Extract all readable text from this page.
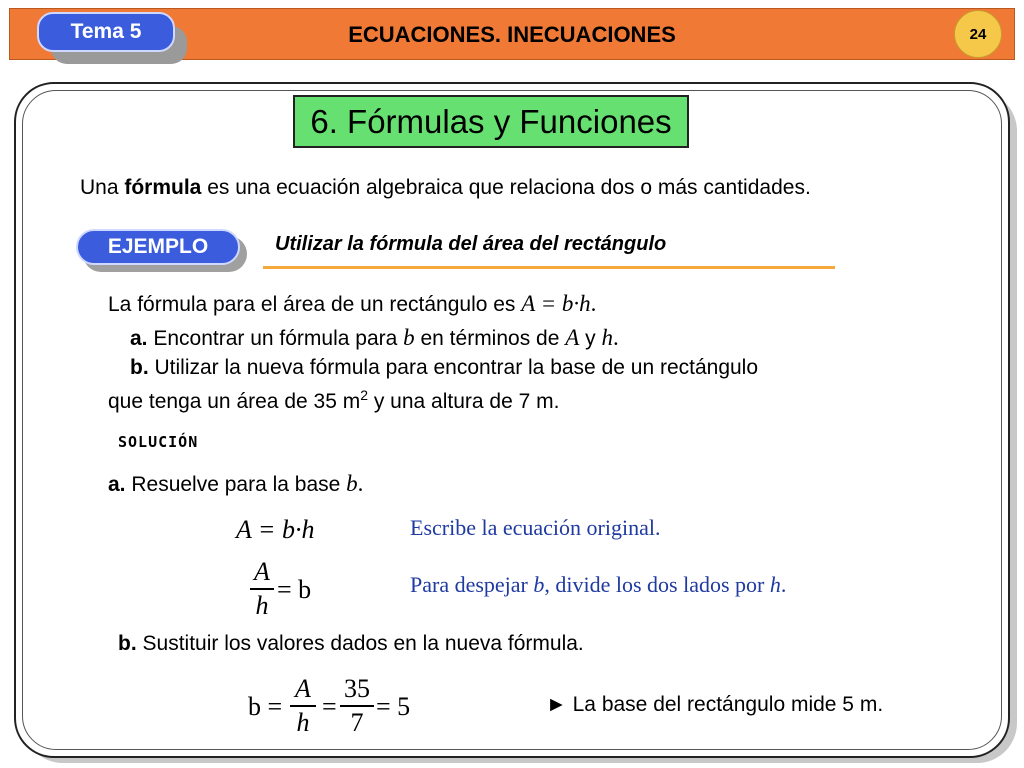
Tema 5	ECUACIONES. INECUACIONES	24
6. Fórmulas y Funciones
Una fórmula es una ecuación algebraica que relaciona dos o más cantidades.
EJEMPLO	Utilizar la fórmula del área del rectángulo
La fórmula para el área de un rectángulo es A = b·h.
a. Encontrar un fórmula para b en términos de A y h.
b. Utilizar la nueva fórmula para encontrar la base de un rectángulo
que tenga un área de 35 $m^2$ y una altura de 7 m.
SOLUCIÓN
a. Resuelve para la base b.
A = b·h	Escribe la ecuación original.
A
h
= b	Para despejar b, divide los dos lados por h.
b. Sustituir los valores dados en la nueva fórmula.
b =
A
h
=
35
7
= 5	► La base del rectángulo mide 5 m.
